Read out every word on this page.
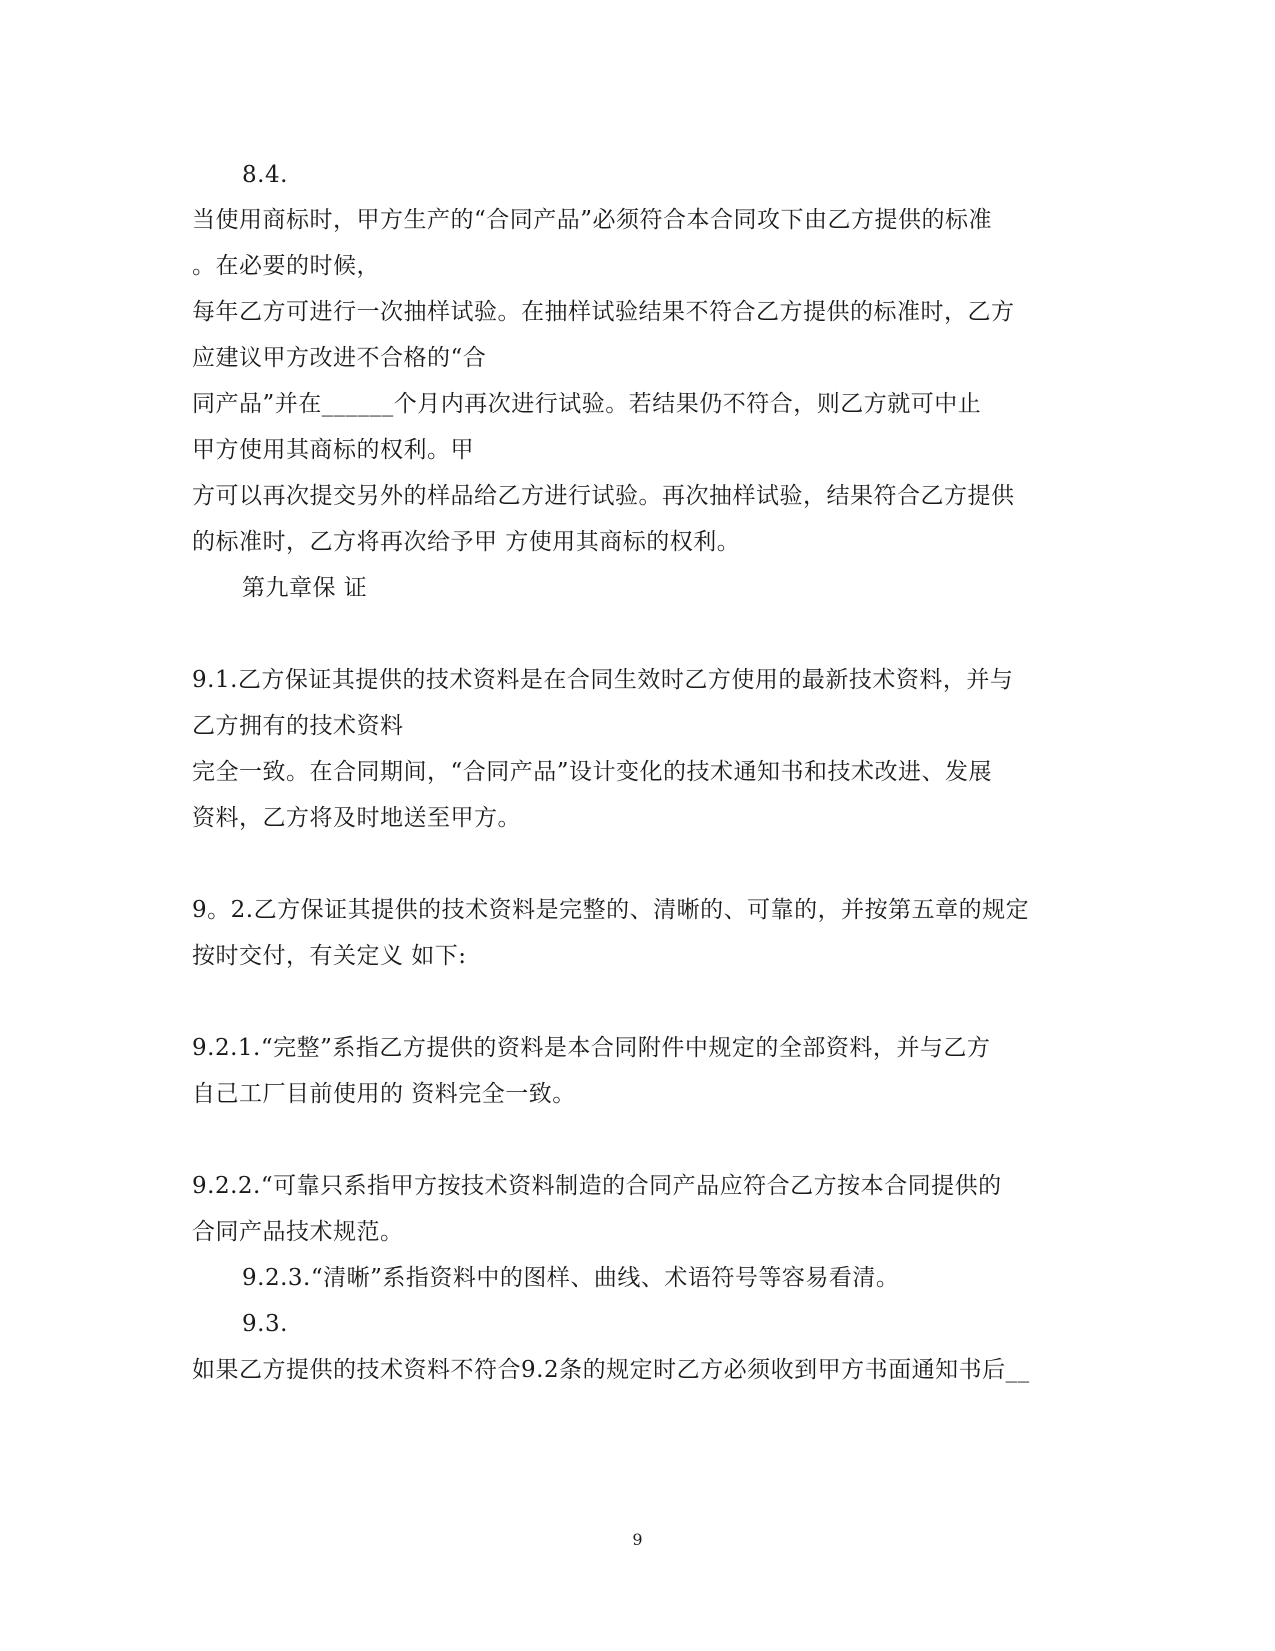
8.4.
当使用商标时，甲方生产的“合同产品”必须符合本合同攻下由乙方提供的标准
。在必要的时候，
每年乙方可进行一次抽样试验。在抽样试验结果不符合乙方提供的标准时，乙方
应建议甲方改进不合格的“合
同产品”并在______个月内再次进行试验。若结果仍不符合，则乙方就可中止
甲方使用其商标的权利。甲
方可以再次提交另外的样品给乙方进行试验。再次抽样试验，结果符合乙方提供
的标准时，乙方将再次给予甲 方使用其商标的权利。
第九章保 证
9.1.乙方保证其提供的技术资料是在合同生效时乙方使用的最新技术资料，并与
乙方拥有的技术资料
完全一致。在合同期间，“合同产品”设计变化的技术通知书和技术改进、发展
资料，乙方将及时地送至甲方。
9。2.乙方保证其提供的技术资料是完整的、清晰的、可靠的，并按第五章的规定
按时交付，有关定义 如下:
9.2.1.“完整”系指乙方提供的资料是本合同附件中规定的全部资料，并与乙方
自己工厂目前使用的 资料完全一致。
9.2.2.“可靠只系指甲方按技术资料制造的合同产品应符合乙方按本合同提供的
合同产品技术规范。
9.2.3.“清晰”系指资料中的图样、曲线、术语符号等容易看清。
9.3.
如果乙方提供的技术资料不符合9.2条的规定时乙方必须收到甲方书面通知书后__
9
